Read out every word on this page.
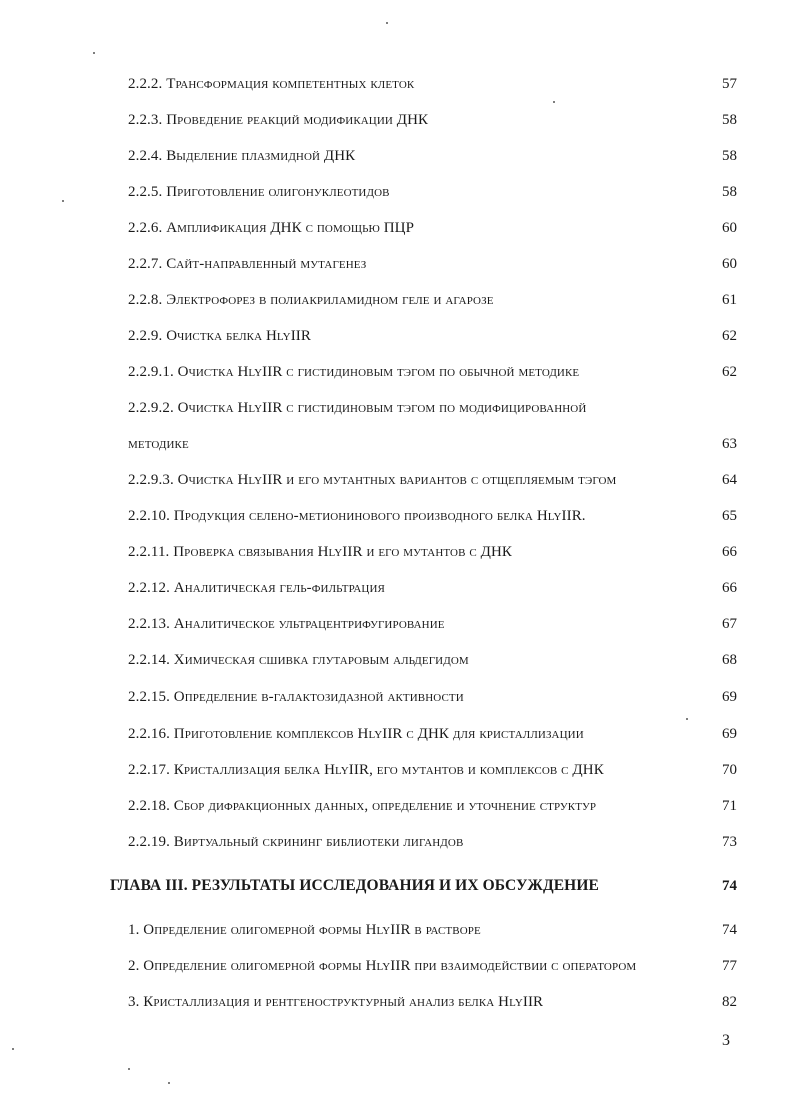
2.2.2. Трансформация компетентных клеток	57
2.2.3. Проведение реакций модификации ДНК	58
2.2.4. Выделение плазмидной ДНК	58
2.2.5. Приготовление олигонуклеотидов	58
2.2.6. Амплификация ДНК с помощью ПЦР	60
2.2.7. Сайт-направленный мутагенез	60
2.2.8. Электрофорез в полиакриламидном геле и агарозе	61
2.2.9. Очистка белка HlyIIR	62
2.2.9.1. Очистка HlyIIR с гистидиновым тэгом по обычной методике	62
2.2.9.2. Очистка HlyIIR с гистидиновым тэгом по модифицированной
методике	63
2.2.9.3. Очистка HlyIIR и его мутантных вариантов с отщепляемым тэгом	64
2.2.10. Продукция селено-метионинового производного белка HlyIIR.	65
2.2.11. Проверка связывания HlyIIR и его мутантов с ДНК	66
2.2.12. Аналитическая гель-фильтрация	66
2.2.13. Аналитическое ультрацентрифугирование	67
2.2.14. Химическая сшивка глутаровым альдегидом	68
2.2.15. Определение β-галактозидазной активности	69
2.2.16. Приготовление комплексов HlyIIR с ДНК для кристаллизации	69
2.2.17. Кристаллизация белка HlyIIR, его мутантов и комплексов с ДНК	70
2.2.18. Сбор дифракционных данных, определение и уточнение структур	71
2.2.19. Виртуальный скрининг библиотеки лигандов	73
ГЛАВА III. РЕЗУЛЬТАТЫ ИССЛЕДОВАНИЯ И ИХ ОБСУЖДЕНИЕ	74
1. Определение олигомерной формы HlyIIR в растворе	74
2. Определение олигомерной формы HlyIIR при взаимодействии с оператором	77
3. Кристаллизация и рентгеноструктурный анализ белка HlyIIR	82
3
